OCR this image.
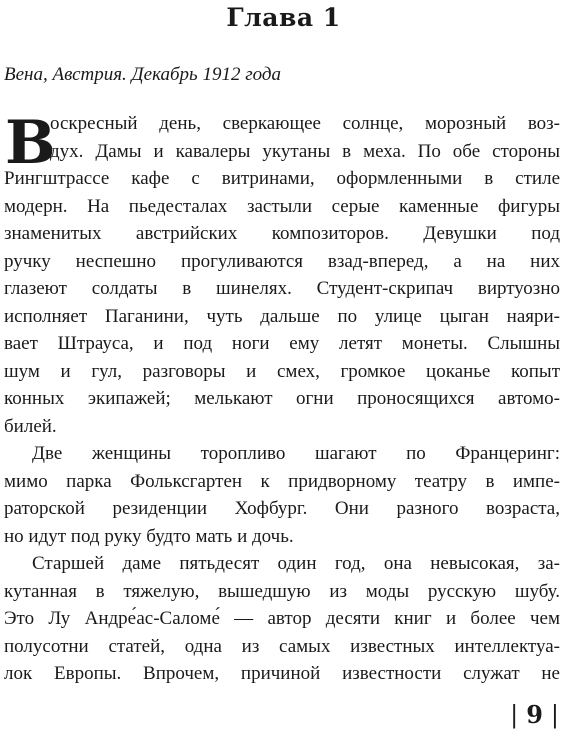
Глава 1
Вена, Австрия. Декабрь 1912 года
В
оскресный день, сверкающее солнце, морозный воз-
дух. Дамы и кавалеры укутаны в меха. По обе стороны
Рингштрассе кафе с витринами, оформленными в стиле
модерн. На пьедесталах застыли серые каменные фигуры
знаменитых австрийских композиторов. Девушки под
ручку неспешно прогуливаются взад-вперед, а на них
глазеют солдаты в шинелях. Студент-скрипач виртуозно
исполняет Паганини, чуть дальше по улице цыган наяри-
вает Штрауса, и под ноги ему летят монеты. Слышны
шум и гул, разговоры и смех, громкое цоканье копыт
конных экипажей; мелькают огни проносящихся автомо-
билей.
Две женщины торопливо шагают по Францеринг:
мимо парка Фольксгартен к придворному театру в импе-
раторской резиденции Хофбург. Они разного возраста,
но идут под руку будто мать и дочь.
Старшей даме пятьдесят один год, она невысокая, за-
кутанная в тяжелую, вышедшую из моды русскую шубу.
Это Лу Андре́ас-Саломе́ — автор десяти книг и более чем
полусотни статей, одна из самых известных интеллектуа-
лок Европы. Впрочем, причиной известности служат не
| 9 |
